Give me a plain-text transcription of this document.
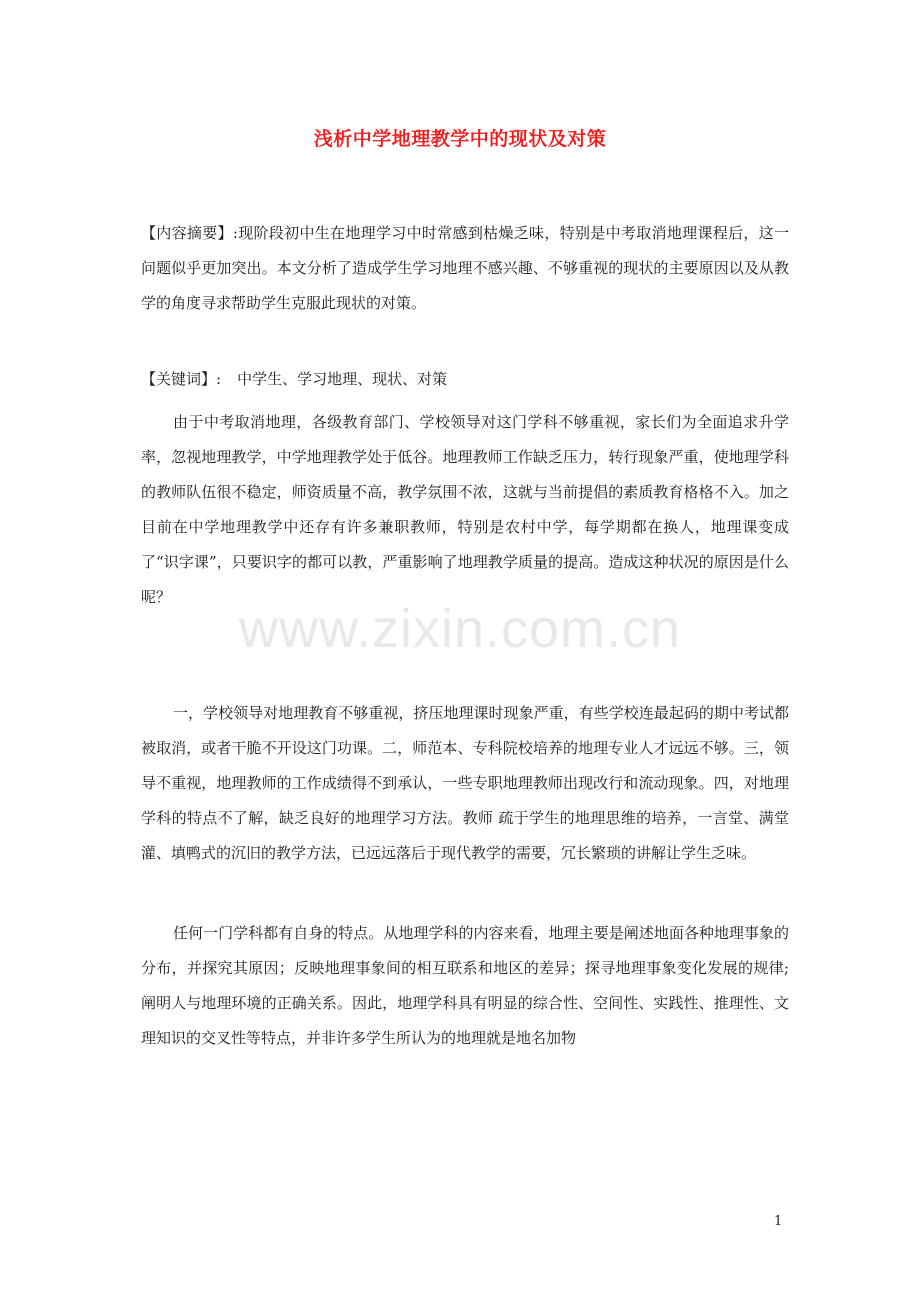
浅析中学地理教学中的现状及对策
【内容摘要】:现阶段初中生在地理学习中时常感到枯燥乏味，特别是中考取消地理课程后，这一问题似乎更加突出。本文分析了造成学生学习地理不感兴趣、不够重视的现状的主要原因以及从教学的角度寻求帮助学生克服此现状的对策。
【关键词】: 中学生、学习地理、现状、对策
由于中考取消地理，各级教育部门、学校领导对这门学科不够重视，家长们为全面追求升学率，忽视地理教学，中学地理教学处于低谷。地理教师工作缺乏压力，转行现象严重，使地理学科的教师队伍很不稳定，师资质量不高，教学氛围不浓，这就与当前提倡的素质教育格格不入。加之目前在中学地理教学中还存有许多兼职教师，特别是农村中学，每学期都在换人，地理课变成了“识字课”，只要识字的都可以教，严重影响了地理教学质量的提高。造成这种状况的原因是什么呢？
一，学校领导对地理教育不够重视，挤压地理课时现象严重，有些学校连最起码的期中考试都被取消，或者干脆不开设这门功课。二，师范本、专科院校培养的地理专业人才远远不够。三，领导不重视，地理教师的工作成绩得不到承认，一些专职地理教师出现改行和流动现象。四，对地理学科的特点不了解，缺乏良好的地理学习方法。教师 疏于学生的地理思维的培养，一言堂、满堂灌、填鸭式的沉旧的教学方法，已远远落后于现代教学的需要，冗长繁琐的讲解让学生乏味。
任何一门学科都有自身的特点。从地理学科的内容来看，地理主要是阐述地面各种地理事象的分布，并探究其原因；反映地理事象间的相互联系和地区的差异；探寻地理事象变化发展的规律; 阐明人与地理环境的正确关系。因此，地理学科具有明显的综合性、空间性、实践性、推理性、文理知识的交叉性等特点，并非许多学生所认为的地理就是地名加物
www.zixin.com.cn
1
